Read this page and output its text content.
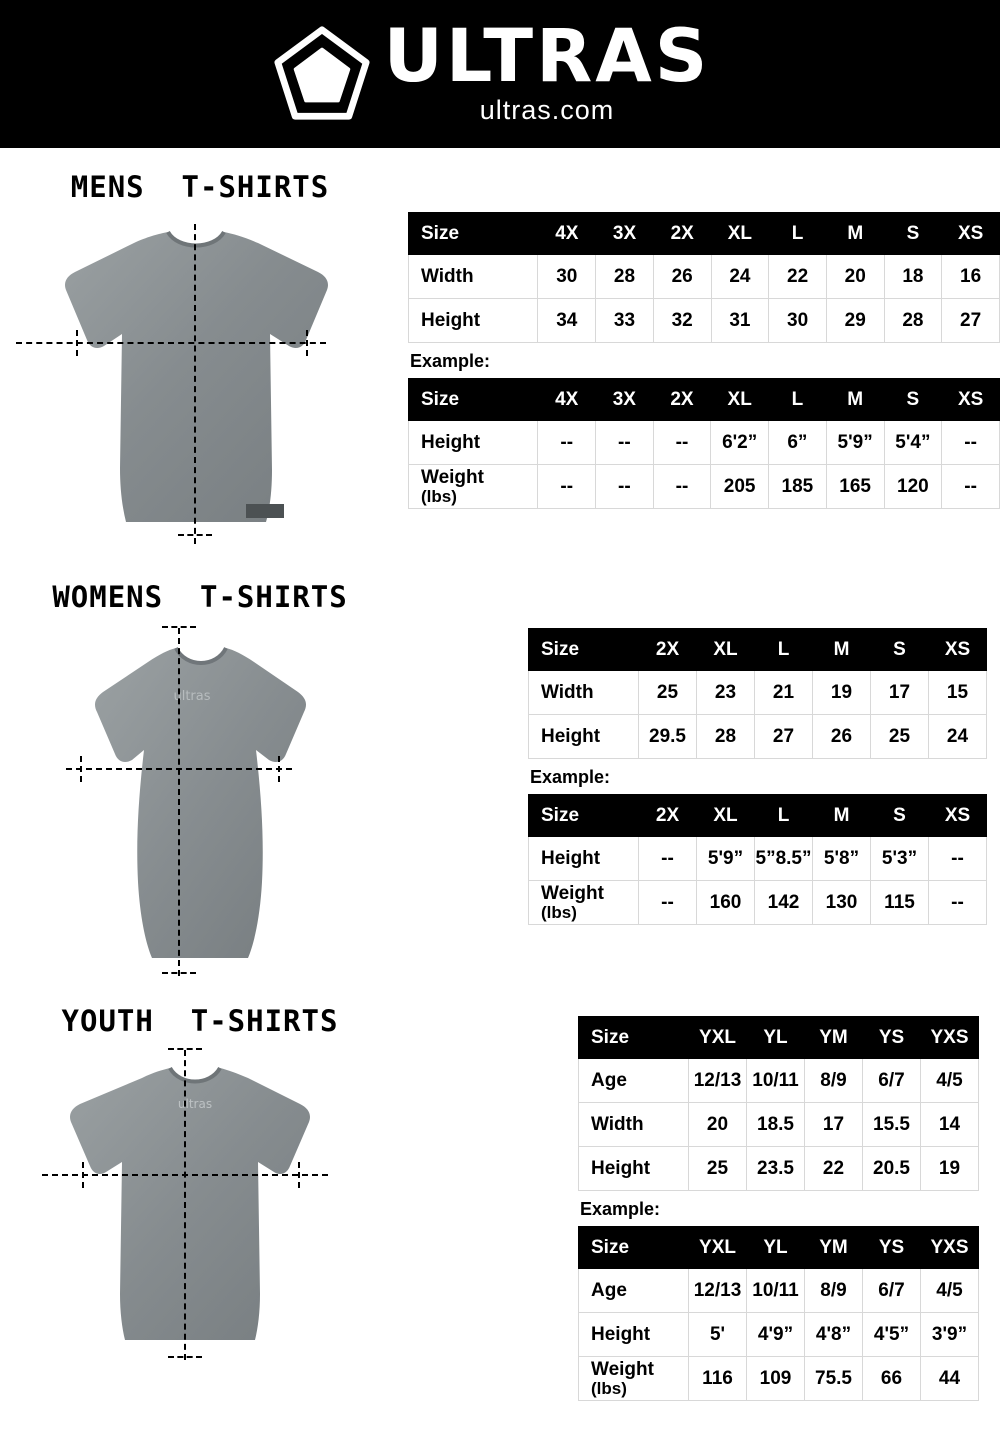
ULTRAS
ultras.com
MENS  T-SHIRTS
Size	4X	3X	2X	XL	L	M	S	XS
Width	30	28	26	24	22	20	18	16
Height	34	33	32	31	30	29	28	27
Example:
Size	4X	3X	2X	XL	L	M	S	XS
Height	--	--	--	6'2”	6”	5'9”	5'4”	--
Weight
(lbs)	--	--	--	205	185	165	120	--
WOMENS  T-SHIRTS
ultras
Size	2X	XL	L	M	S	XS
Width	25	23	21	19	17	15
Height	29.5	28	27	26	25	24
Example:
Size	2X	XL	L	M	S	XS
Height	--	5'9”	5”8.5”	5'8”	5'3”	--
Weight
(lbs)	--	160	142	130	115	--
YOUTH  T-SHIRTS
ultras
Size	YXL	YL	YM	YS	YXS
Age	12/13	10/11	8/9	6/7	4/5
Width	20	18.5	17	15.5	14
Height	25	23.5	22	20.5	19
Example:
Size	YXL	YL	YM	YS	YXS
Age	12/13	10/11	8/9	6/7	4/5
Height	5'	4'9”	4'8”	4'5”	3'9”
Weight
(lbs)	116	109	75.5	66	44
